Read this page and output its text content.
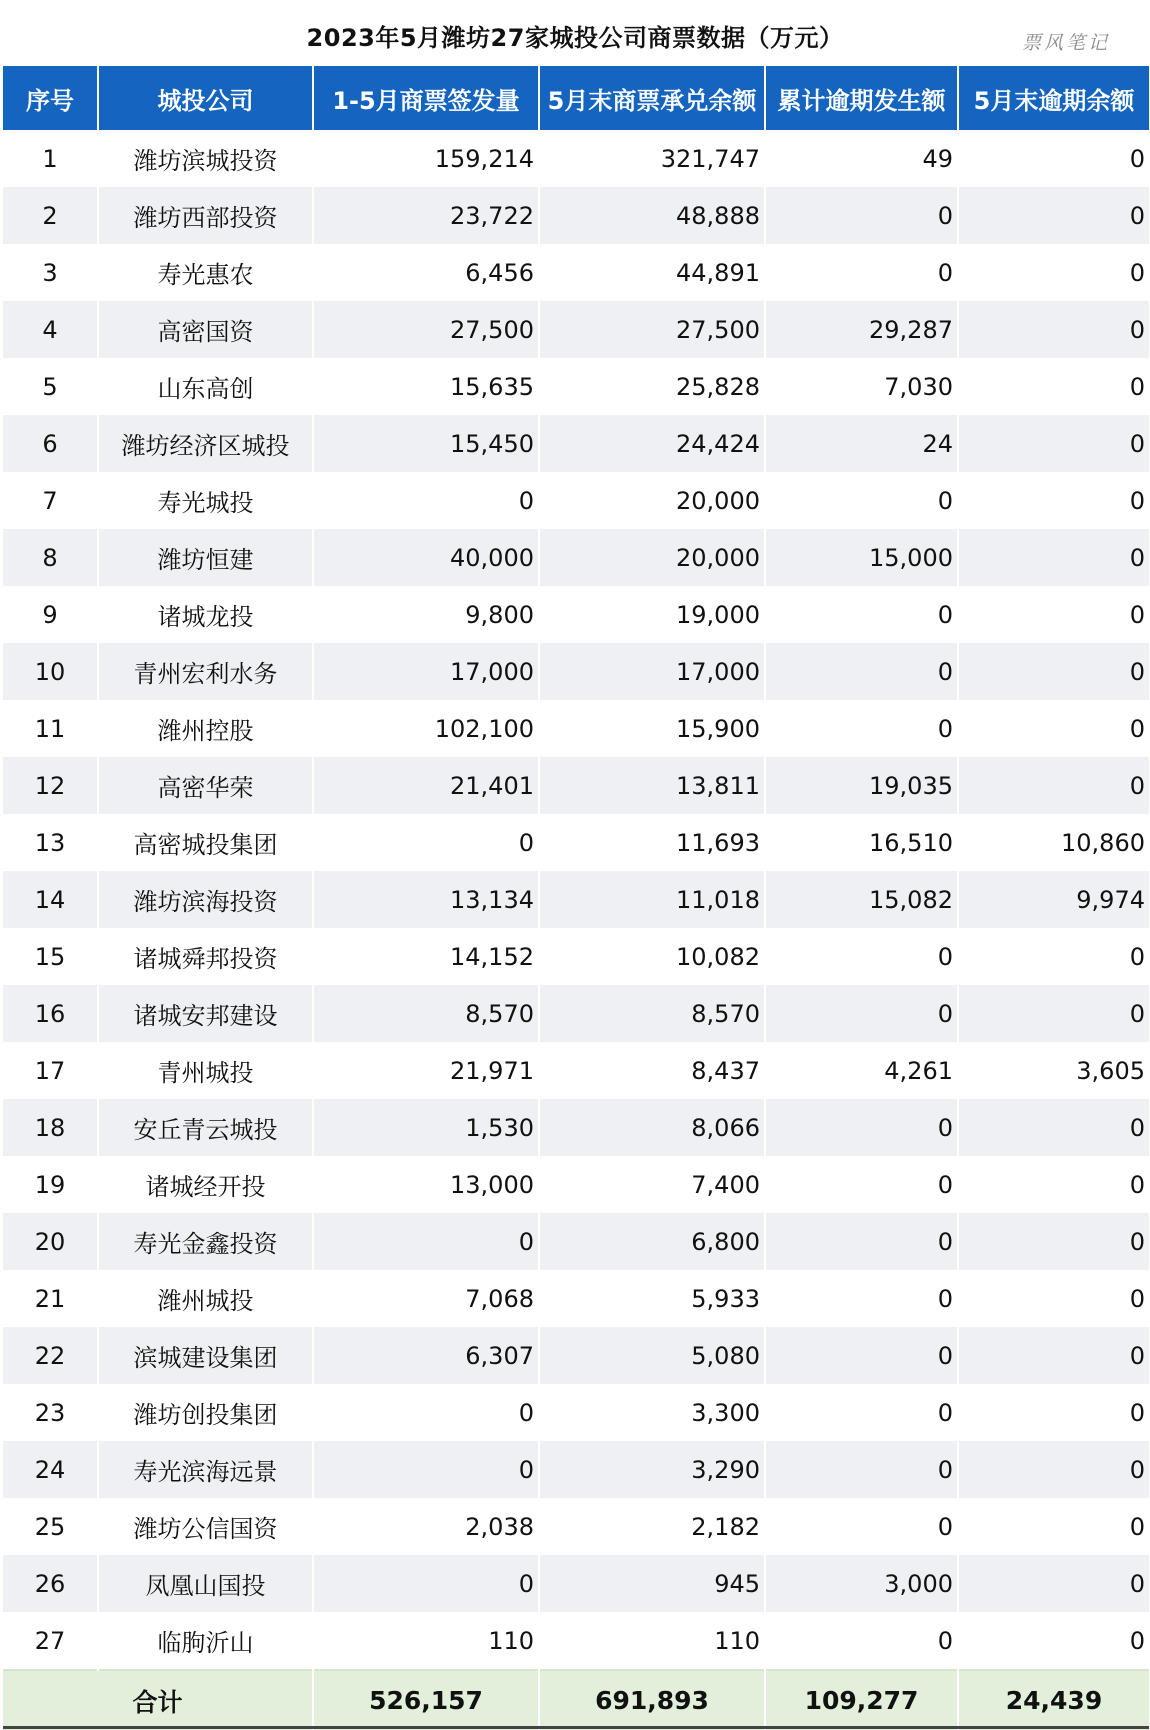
2023年5月潍坊27家城投公司商票数据（万元）	票风笔记
序号	城投公司	1-5月商票签发量	5月末商票承兑余额	累计逾期发生额	5月末逾期余额
1	潍坊滨城投资	159,214	321,747	49	0
2	潍坊西部投资	23,722	48,888	0	0
3	寿光惠农	6,456	44,891	0	0
4	高密国资	27,500	27,500	29,287	0
5	山东高创	15,635	25,828	7,030	0
6	潍坊经济区城投	15,450	24,424	24	0
7	寿光城投	0	20,000	0	0
8	潍坊恒建	40,000	20,000	15,000	0
9	诸城龙投	9,800	19,000	0	0
10	青州宏利水务	17,000	17,000	0	0
11	潍州控股	102,100	15,900	0	0
12	高密华荣	21,401	13,811	19,035	0
13	高密城投集团	0	11,693	16,510	10,860
14	潍坊滨海投资	13,134	11,018	15,082	9,974
15	诸城舜邦投资	14,152	10,082	0	0
16	诸城安邦建设	8,570	8,570	0	0
17	青州城投	21,971	8,437	4,261	3,605
18	安丘青云城投	1,530	8,066	0	0
19	诸城经开投	13,000	7,400	0	0
20	寿光金鑫投资	0	6,800	0	0
21	潍州城投	7,068	5,933	0	0
22	滨城建设集团	6,307	5,080	0	0
23	潍坊创投集团	0	3,300	0	0
24	寿光滨海远景	0	3,290	0	0
25	潍坊公信国资	2,038	2,182	0	0
26	凤凰山国投	0	945	3,000	0
27	临朐沂山	110	110	0	0
合计		526,157	691,893	109,277	24,439
